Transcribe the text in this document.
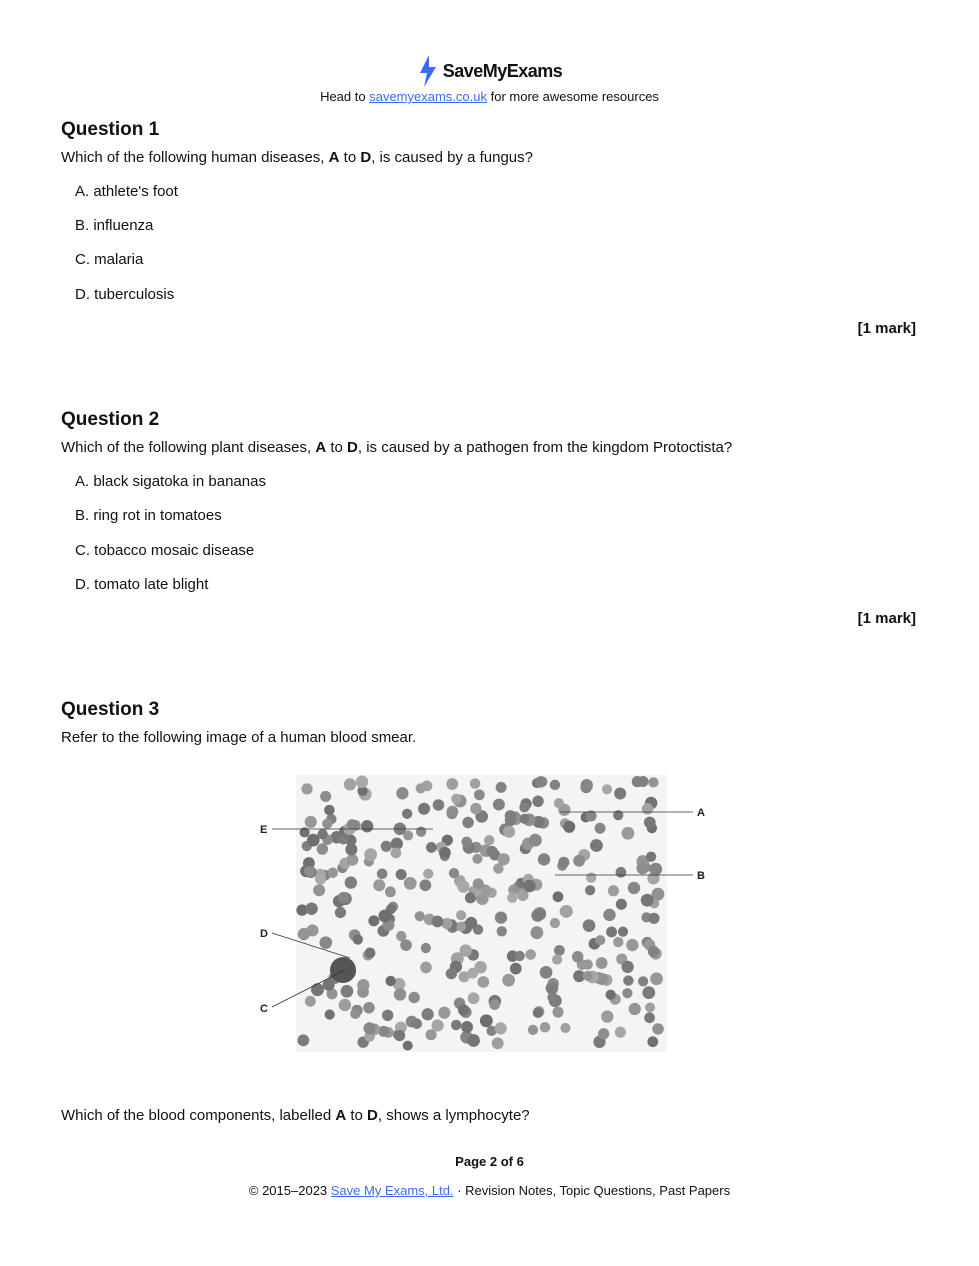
SaveMyExams
Head to savemyexams.co.uk for more awesome resources
Question 1
Which of the following human diseases, A to D, is caused by a fungus?
A. athlete's foot
B. influenza
C. malaria
D. tuberculosis
[1 mark]
Question 2
Which of the following plant diseases, A to D, is caused by a pathogen from the kingdom Protoctista?
A. black sigatoka in bananas
B. ring rot in tomatoes
C. tobacco mosaic disease
D. tomato late blight
[1 mark]
Question 3
Refer to the following image of a human blood smear.
A
B
C
D
E
Which of the blood components, labelled A to D, shows a lymphocyte?
Page 2 of 6
© 2015–2023 Save My Exams, Ltd. · Revision Notes, Topic Questions, Past Papers
